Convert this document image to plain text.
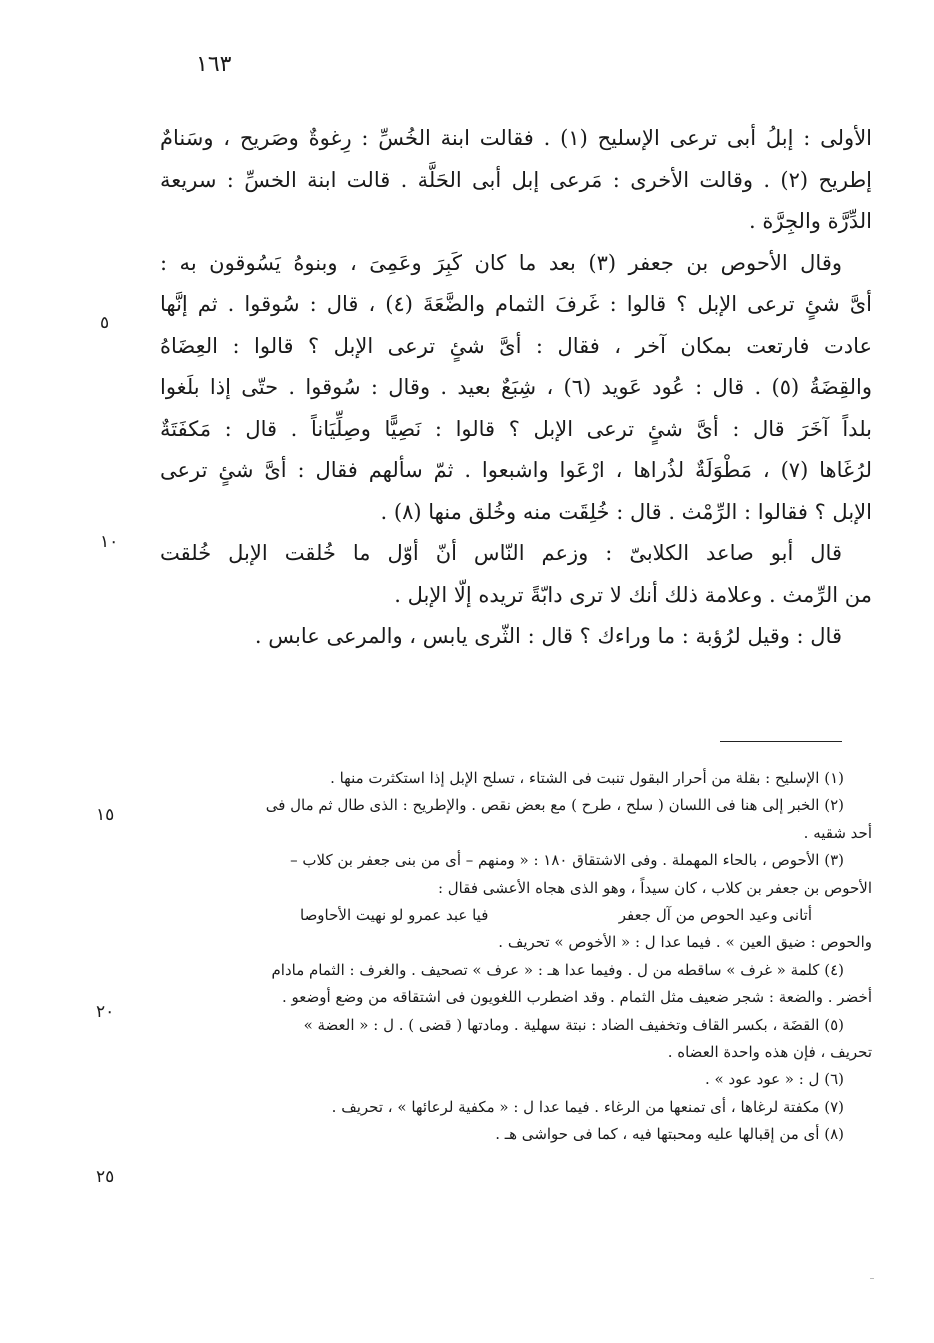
١٦٣
الأولى : إبلُ أبى ترعى الإسليح (١) . فقالت ابنة الخُسِّ : رِغوةٌ وصَريح ، وسَنامٌ
إطريح (٢) . وقالت الأخرى : مَرعى إبل أبى الحَلَّة . قالت ابنة الخسِّ : سريعة
الدِّرَّة والجِرَّة .
وقال الأحوص بن جعفر (٣) بعد ما كان كَبِرَ وعَمِىَ ، وبنوهُ يَسُوقون به :
أىَّ شئٍ ترعى الإبل ؟ قالوا : غَرفَ الثمام والضَّعَةَ (٤) ، قال : سُوقوا . ثم إنَّها
عادت فارتعت بمكان آخر ، فقال : أىَّ شئٍ ترعى الإبل ؟ قالوا : العِضَاهُ
والقِضَةُ (٥) . قال : عُود عَويد (٦) ، شِبَعٌ بعيد . وقال : سُوقوا . حتّى إذا بلَغوا
بلداً آخَرَ قال : أىَّ شئٍ ترعى الإبل ؟ قالوا : نَصِيًّا وصِلِّيَاناً . قال : مَكفَتَةٌ
لرُغَاها (٧) ، مَطْوَلَةٌ لذُراها ، ارْعَوا واشبعوا . ثمّ سألهم فقال : أىَّ شئٍ ترعى
الإبل ؟ فقالوا : الرِّمْث . قال : خُلِقَت منه وخُلق منها (٨) .
قال أبو صاعد الكلابىّ : وزعم النّاس أنّ أوّل ما خُلقت الإبل خُلقت
من الرِّمث . وعلامة ذلك أنك لا ترى دابّةً تريده إلّا الإبل .
قال : وقيل لرُؤبة : ما وراءك ؟ قال : الثّرى يابس ، والمرعى عابس .
٥
١٠
(١) الإسليح : بقلة من أحرار البقول تنبت فى الشتاء ، تسلح الإبل إذا استكثرت منها .
(٢) الخبر إلى هنا فى اللسان ( سلح ، طرح ) مع بعض نقص . والإطريح : الذى طال ثم مال فى
أحد شقيه .
(٣) الأحوص ، بالحاء المهملة . وفى الاشتقاق ١٨٠ : « ومنهم – أى من بنى جعفر بن كلاب –
الأحوص بن جعفر بن كلاب ، كان سيداً ، وهو الذى هجاه الأعشى فقال :
أتانى وعيد الحوص من آل جعفر
فيا عبد عمرو لو نهيت الأحاوصا
والحوص : ضيق العين » . فيما عدا ل : « الأخوص » تحريف .
(٤) كلمة « غرف » ساقطه من ل . وفيما عدا هـ : « عرف » تصحيف . والغرف : الثمام مادام
أخضر . والضعة : شجر ضعيف مثل الثمام . وقد اضطرب اللغويون فى اشتقاقه من وضع أوضعو .
(٥) القضَة ، بكسر القاف وتخفيف الضاد : نبتة سهلية . ومادتها ( قضى ) . ل : « العضة »
تحريف ، فإن هذه واحدة العضاه .
(٦) ل : « عود عود » .
(٧) مكفتة لرغاها ، أى تمنعها من الرغاء . فيما عدا ل : « مكفية لرعائها » ، تحريف .
(٨) أى من إقبالها عليه ومحبتها فيه ، كما فى حواشى هـ .
١٥
٢٠
٢٥
